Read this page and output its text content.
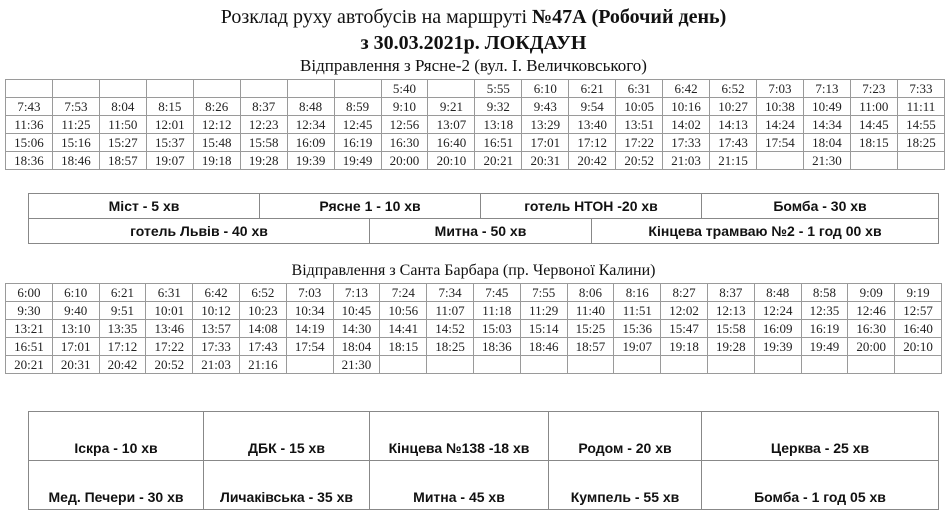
Розклад руху автобусів на маршруті №47А (Робочий день)
з 30.03.2021р. ЛОКДАУН
Відправлення з Рясне-2 (вул. І. Величковського)
								5:40		5:55	6:10	6:21	6:31	6:42	6:52	7:03	7:13	7:23	7:33
7:43	7:53	8:04	8:15	8:26	8:37	8:48	8:59	9:10	9:21	9:32	9:43	9:54	10:05	10:16	10:27	10:38	10:49	11:00	11:11
11:36	11:25	11:50	12:01	12:12	12:23	12:34	12:45	12:56	13:07	13:18	13:29	13:40	13:51	14:02	14:13	14:24	14:34	14:45	14:55
15:06	15:16	15:27	15:37	15:48	15:58	16:09	16:19	16:30	16:40	16:51	17:01	17:12	17:22	17:33	17:43	17:54	18:04	18:15	18:25
18:36	18:46	18:57	19:07	19:18	19:28	19:39	19:49	20:00	20:10	20:21	20:31	20:42	20:52	21:03	21:15		21:30		
Міст - 5 хв	Рясне 1 - 10 хв	готель НТОН -20 хв	Бомба - 30 хв
готель Львів - 40 хв	Митна - 50 хв	Кінцева трамваю №2 - 1 год 00 хв
Відправлення з Санта Барбара (пр. Червоної Калини)
6:00	6:10	6:21	6:31	6:42	6:52	7:03	7:13	7:24	7:34	7:45	7:55	8:06	8:16	8:27	8:37	8:48	8:58	9:09	9:19
9:30	9:40	9:51	10:01	10:12	10:23	10:34	10:45	10:56	11:07	11:18	11:29	11:40	11:51	12:02	12:13	12:24	12:35	12:46	12:57
13:21	13:10	13:35	13:46	13:57	14:08	14:19	14:30	14:41	14:52	15:03	15:14	15:25	15:36	15:47	15:58	16:09	16:19	16:30	16:40
16:51	17:01	17:12	17:22	17:33	17:43	17:54	18:04	18:15	18:25	18:36	18:46	18:57	19:07	19:18	19:28	19:39	19:49	20:00	20:10
20:21	20:31	20:42	20:52	21:03	21:16		21:30												
Іскра - 10 хв	ДБК - 15 хв	Кінцева №138 -18 хв	Родом - 20 хв	Церква - 25 хв
Мед. Печери - 30 хв	Личаківська - 35 хв	Митна - 45 хв	Кумпель - 55 хв	Бомба - 1 год 05 хв
